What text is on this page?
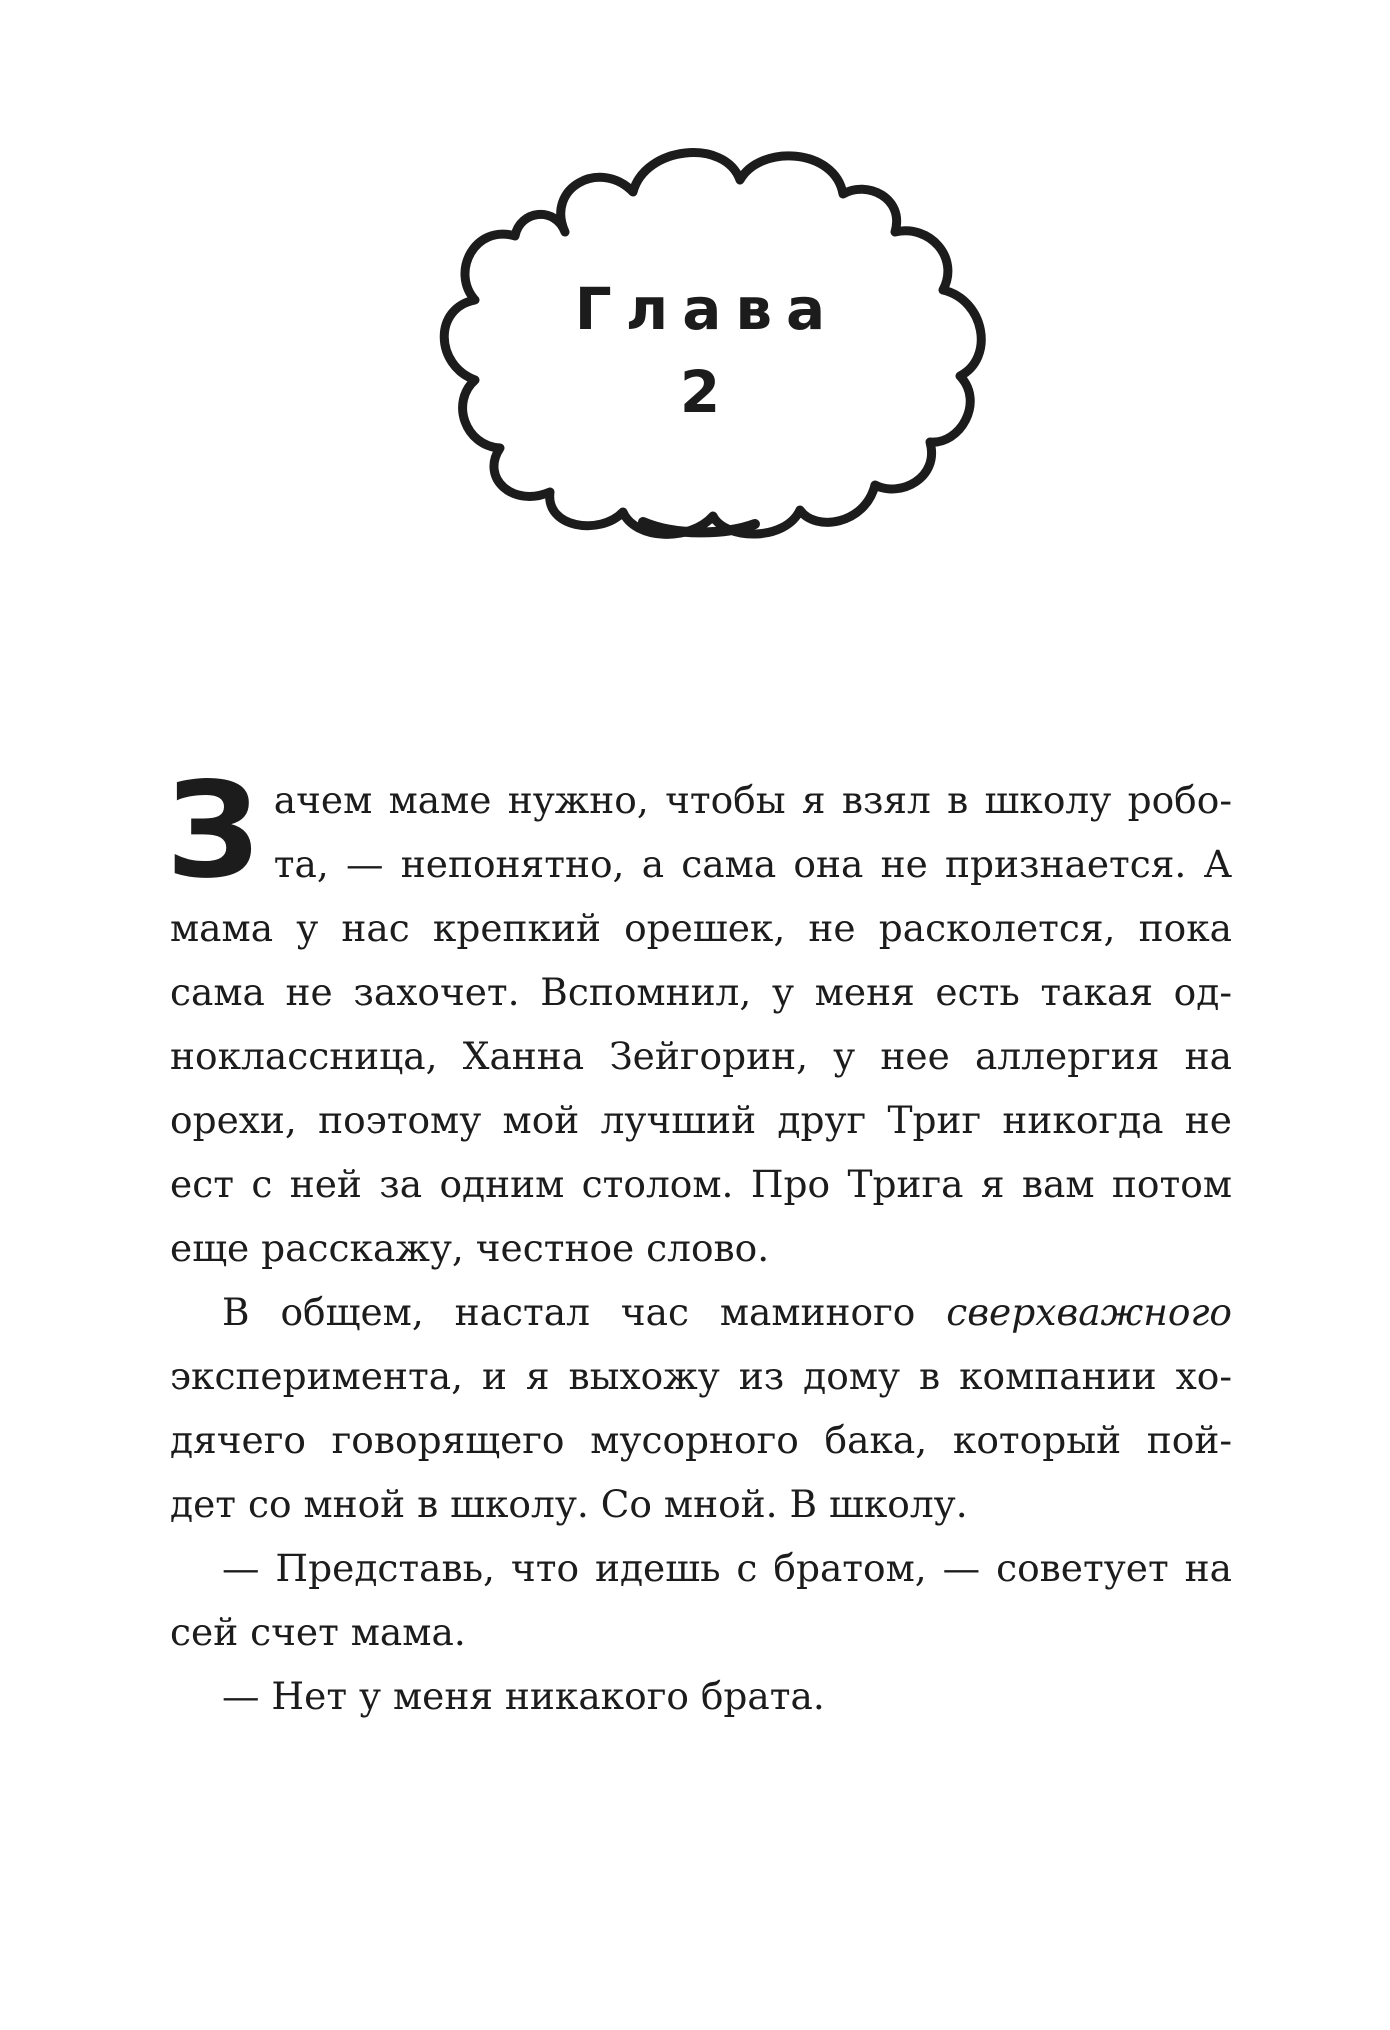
Глава
2
З ачем маме нужно, чтобы я взял в школу робо-
та, — непонятно, а сама она не признается. А
мама у нас крепкий орешек, не расколется, пока
сама не захочет. Вспомнил, у меня есть такая од-
ноклассница, Ханна Зейгорин, у нее аллергия на
орехи, поэтому мой лучший друг Триг никогда не
ест с ней за одним столом. Про Трига я вам потом
еще расскажу, честное слово.
В общем, настал час маминого сверхважного
эксперимента, и я выхожу из дому в компании хо-
дячего говорящего мусорного бака, который пой-
дет со мной в школу. Со мной. В школу.
— Представь, что идешь с братом, — советует на
сей счет мама.
— Нет у меня никакого брата.
